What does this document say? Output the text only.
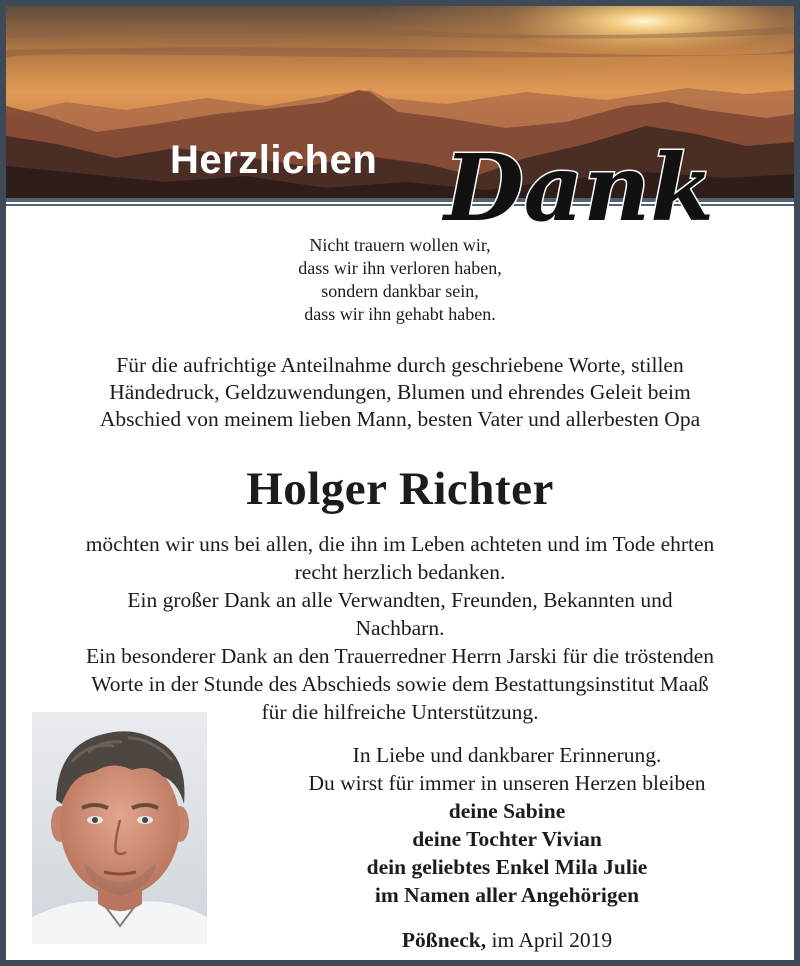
Herzlichen Dank
Nicht trauern wollen wir,
dass wir ihn verloren haben,
sondern dankbar sein,
dass wir ihn gehabt haben.
Für die aufrichtige Anteilnahme durch geschriebene Worte, stillen
Händedruck, Geldzuwendungen, Blumen und ehrendes Geleit beim
Abschied von meinem lieben Mann, besten Vater und allerbesten Opa
Holger Richter
möchten wir uns bei allen, die ihn im Leben achteten und im Tode ehrten
recht herzlich bedanken.
Ein großer Dank an alle Verwandten, Freunden, Bekannten und
Nachbarn.
Ein besonderer Dank an den Trauerredner Herrn Jarski für die tröstenden
Worte in der Stunde des Abschieds sowie dem Bestattungsinstitut Maaß
für die hilfreiche Unterstützung.
In Liebe und dankbarer Erinnerung.
Du wirst für immer in unseren Herzen bleiben
deine Sabine
deine Tochter Vivian
dein geliebtes Enkel Mila Julie
im Namen aller Angehörigen
Pößneck, im April 2019
